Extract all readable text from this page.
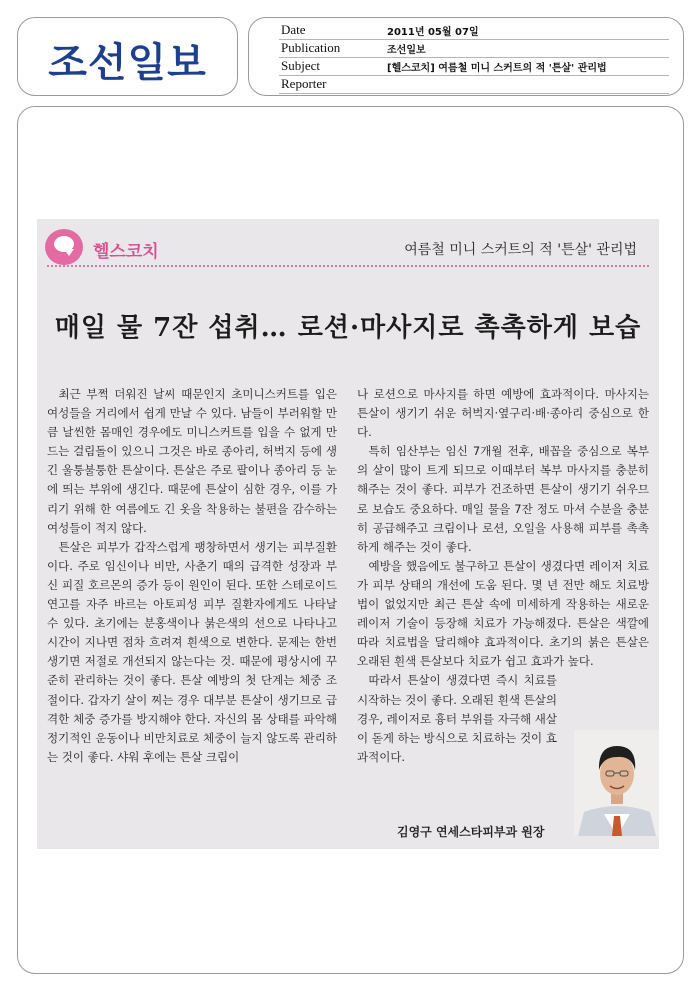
조선일보
Date	2011년 05월 07일
Publication	조선일보
Subject	[헬스코치] 여름철 미니 스커트의 적 '튼살' 관리법
Reporter
헬스코치	여름철 미니 스커트의 적 '튼살' 관리법
매일 물 7잔 섭취… 로션·마사지로 촉촉하게 보습

최근 부쩍 더워진 날씨 때문인지 초미니스커트를 입은 여성들을 거리에서 쉽게 만날 수 있다. 남들이 부러워할 만큼 날씬한 몸매인 경우에도 미니스커트를 입을 수 없게 만드는 걸림돌이 있으니 그것은 바로 종아리, 허벅지 등에 생긴 울퉁불퉁한 튼살이다. 튼살은 주로 팔이나 종아리 등 눈에 띄는 부위에 생긴다. 때문에 튼살이 심한 경우, 이를 가리기 위해 한 여름에도 긴 옷을 착용하는 불편을 감수하는 여성들이 적지 않다.

튼살은 피부가 갑작스럽게 팽창하면서 생기는 피부질환이다. 주로 임신이나 비만, 사춘기 때의 급격한 성장과 부신 피질 호르몬의 증가 등이 원인이 된다. 또한 스테로이드 연고를 자주 바르는 아토피성 피부 질환자에게도 나타날 수 있다. 초기에는 분홍색이나 붉은색의 선으로 나타나고 시간이 지나면 점차 흐려져 흰색으로 변한다. 문제는 한번 생기면 저절로 개선되지 않는다는 것. 때문에 평상시에 꾸준히 관리하는 것이 좋다. 튼살 예방의 첫 단계는 체중 조절이다. 갑자기 살이 찌는 경우 대부분 튼살이 생기므로 급격한 체중 증가를 방지해야 한다. 자신의 몸 상태를 파악해 정기적인 운동이나 비만치료로 체중이 늘지 않도록 관리하는 것이 좋다. 샤워 후에는 튼살 크림이

나 로션으로 마사지를 하면 예방에 효과적이다. 마사지는 튼살이 생기기 쉬운 허벅지·옆구리·배·종아리 중심으로 한다.

특히 임산부는 임신 7개월 전후, 배꼽을 중심으로 복부의 살이 많이 트게 되므로 이때부터 복부 마사지를 충분히 해주는 것이 좋다. 피부가 건조하면 튼살이 생기기 쉬우므로 보습도 중요하다. 매일 물을 7잔 정도 마셔 수분을 충분히 공급해주고 크림이나 로션, 오일을 사용해 피부를 촉촉하게 해주는 것이 좋다.

예방을 했음에도 불구하고 튼살이 생겼다면 레이저 치료가 피부 상태의 개선에 도움 된다. 몇 년 전만 해도 치료방법이 없었지만 최근 튼살 속에 미세하게 작용하는 새로운 레이저 기술이 등장해 치료가 가능해졌다. 튼살은 색깔에 따라 치료법을 달리해야 효과적이다. 초기의 붉은 튼살은 오래된 흰색 튼살보다 치료가 쉽고 효과가 높다.

따라서 튼살이 생겼다면 즉시 치료를 시작하는 것이 좋다. 오래된 흰색 튼살의 경우, 레이저로 흉터 부위를 자극해 새살이 돋게 하는 방식으로 치료하는 것이 효과적이다.

김영구 연세스타피부과 원장
